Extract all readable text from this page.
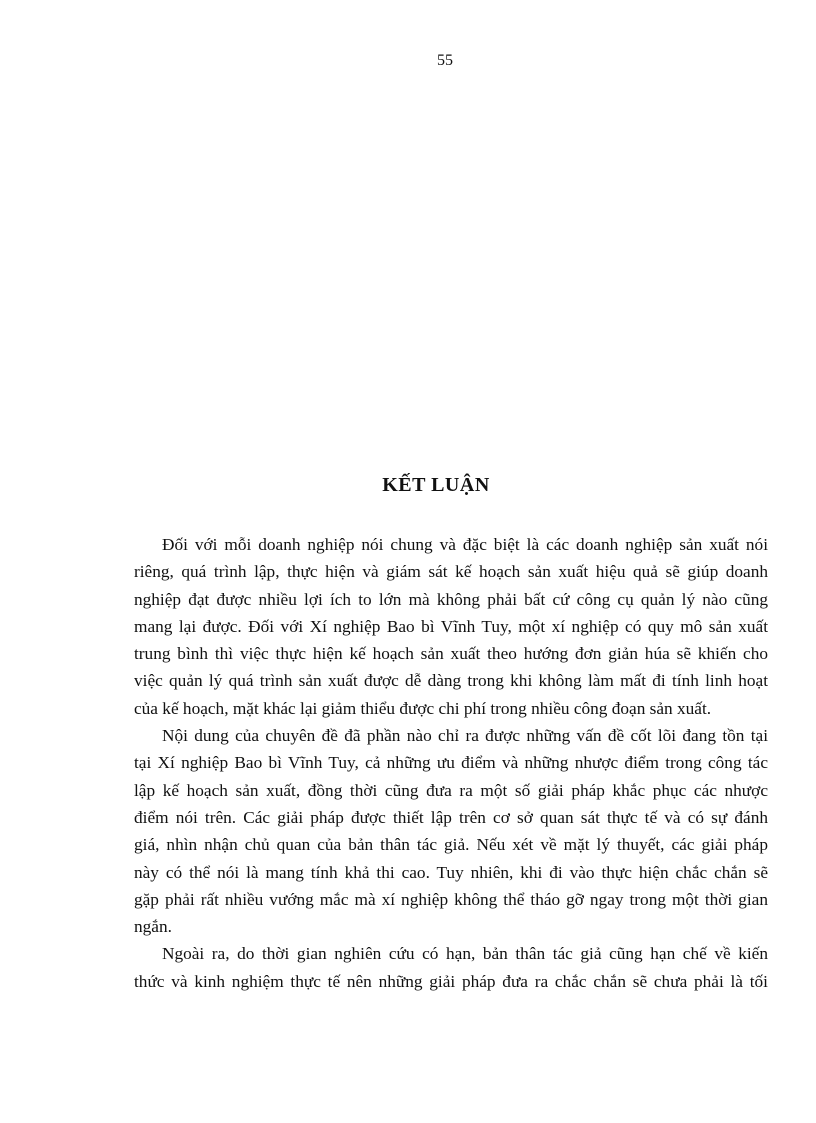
55
KẾT LUẬN

Đối với mỗi doanh nghiệp nói chung và đặc biệt là các doanh nghiệp sản xuất nói
riêng, quá trình lập, thực hiện và giám sát kế hoạch sản xuất hiệu quả sẽ giúp doanh
nghiệp đạt được nhiều lợi ích to lớn mà không phải bất cứ công cụ quản lý nào cũng
mang lại được. Đối với Xí nghiệp Bao bì Vĩnh Tuy, một xí nghiệp có quy mô sản xuất
trung bình thì việc thực hiện kế hoạch sản xuất theo hướng đơn giản húa sẽ khiến cho
việc quản lý quá trình sản xuất được dễ dàng trong khi không làm mất đi tính linh hoạt
của kế hoạch, mặt khác lại giảm thiểu được chi phí trong nhiều công đoạn sản xuất.

Nội dung của chuyên đề đã phần nào chỉ ra được những vấn đề cốt lõi đang tồn tại
tại Xí nghiệp Bao bì Vĩnh Tuy, cả những ưu điểm và những nhược điểm trong công tác
lập kế hoạch sản xuất, đồng thời cũng đưa ra một số giải pháp khắc phục các nhược
điểm nói trên. Các giải pháp được thiết lập trên cơ sở quan sát thực tế và có sự đánh
giá, nhìn nhận chủ quan của bản thân tác giả. Nếu xét về mặt lý thuyết, các giải pháp
này có thể nói là mang tính khả thi cao. Tuy nhiên, khi đi vào thực hiện chắc chắn sẽ
gặp phải rất nhiều vướng mắc mà xí nghiệp không thể tháo gỡ ngay trong một thời gian
ngắn.

Ngoài ra, do thời gian nghiên cứu có hạn, bản thân tác giả cũng hạn chế về kiến
thức và kinh nghiệm thực tế nên những giải pháp đưa ra chắc chắn sẽ chưa phải là tối
